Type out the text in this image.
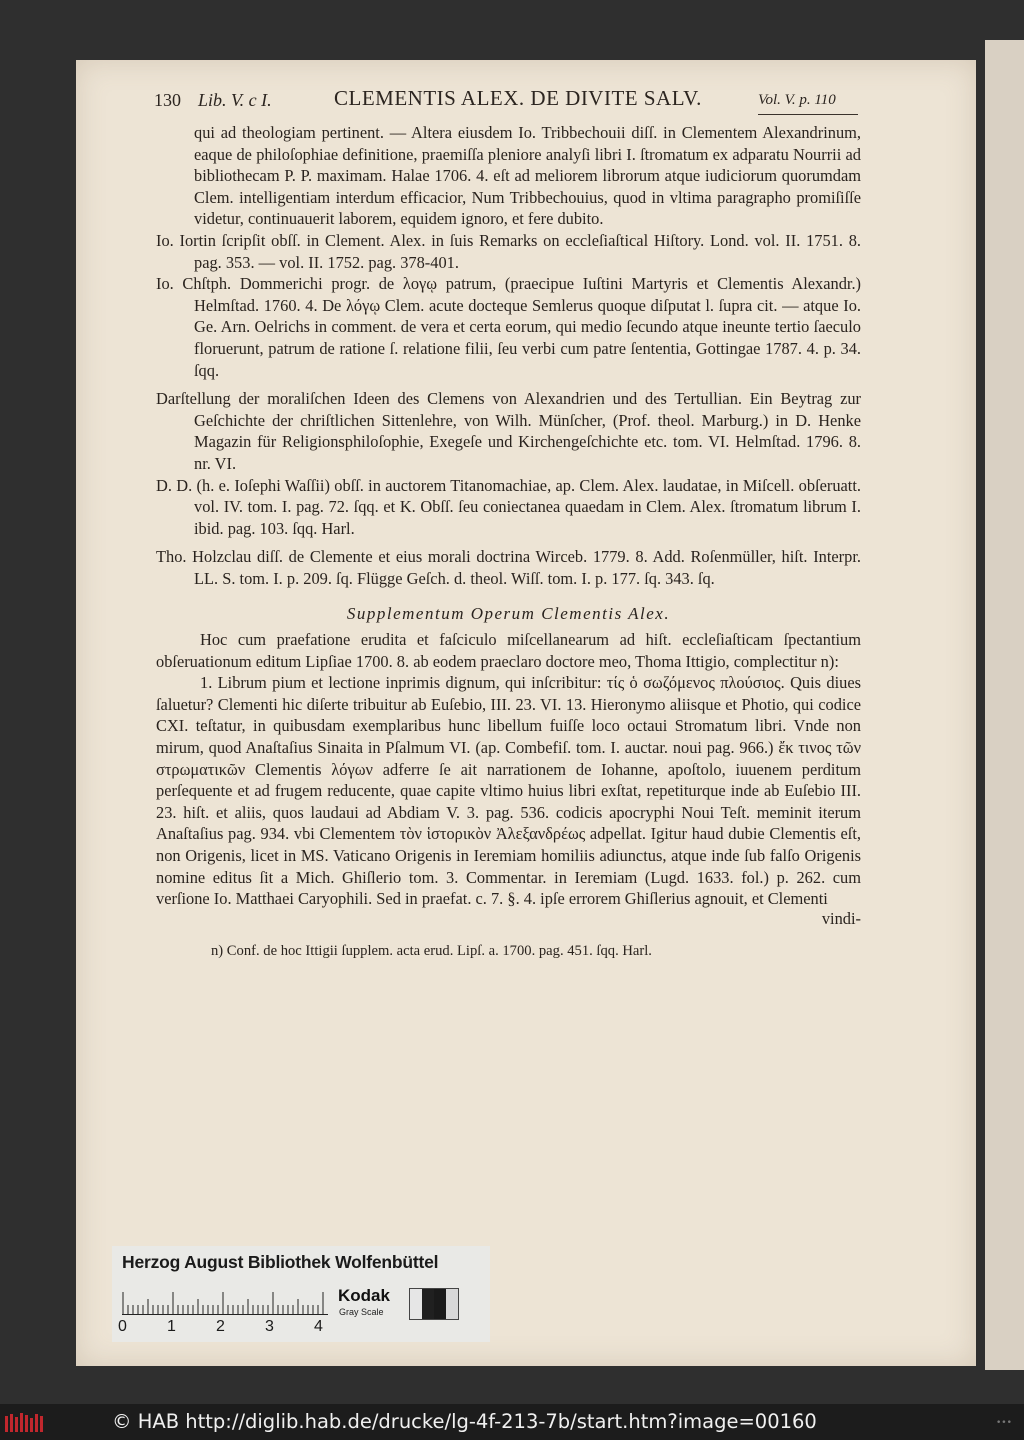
130 Lib. V. c I.	CLEMENTIS ALEX. DE DIVITE SALV.	Vol. V. p. 110

qui ad theologiam pertinent. — Altera eiusdem Io. Tribbechouii diſſ. in Clementem Alexandrinum, eaque de philoſophiae definitione, praemiſſa pleniore analyſi libri I. ſtromatum ex adparatu Nourrii ad bibliothecam P. P. maximam. Halae 1706. 4. eſt ad meliorem librorum atque iudiciorum quorumdam Clem. intelligentiam interdum efficacior, Num Tribbechouius, quod in vltima paragrapho promiſiſſe videtur, continuauerit laborem, equidem ignoro, et fere dubito.

Io. Iortin ſcripſit obſſ. in Clement. Alex. in ſuis Remarks on eccleſiaſtical Hiſtory. Lond. vol. II. 1751. 8. pag. 353. — vol. II. 1752. pag. 378-401.

Io. Chſtph. Dommerichi progr. de λογῳ patrum, (praecipue Iuſtini Martyris et Clementis Alexandr.) Helmſtad. 1760. 4. De λόγῳ Clem. acute docteque Semlerus quoque diſputat l. ſupra cit. — atque Io. Ge. Arn. Oelrichs in comment. de vera et certa eorum, qui medio ſecundo atque ineunte tertio ſaeculo floruerunt, patrum de ratione ſ. relatione filii, ſeu verbi cum patre ſententia, Gottingae 1787. 4. p. 34. ſqq.

Darſtellung der moraliſchen Ideen des Clemens von Alexandrien und des Tertullian. Ein Beytrag zur Geſchichte der chriſtlichen Sittenlehre, von Wilh. Münſcher, (Prof. theol. Marburg.) in D. Henke Magazin für Religionsphiloſophie, Exegeſe und Kirchengeſchichte etc. tom. VI. Helmſtad. 1796. 8. nr. VI.

D. D. (h. e. Ioſephi Waſſii) obſſ. in auctorem Titanomachiae, ap. Clem. Alex. laudatae, in Miſcell. obſeruatt. vol. IV. tom. I. pag. 72. ſqq. et K. Obſſ. ſeu coniectanea quaedam in Clem. Alex. ſtromatum librum I. ibid. pag. 103. ſqq. Harl.

Tho. Holzclau diſſ. de Clemente et eius morali doctrina Wirceb. 1779. 8. Add. Roſenmüller, hiſt. Interpr. LL. S. tom. I. p. 209. ſq. Flügge Geſch. d. theol. Wiſſ. tom. I. p. 177. ſq. 343. ſq.

Supplementum Operum Clementis Alex.

Hoc cum praefatione erudita et faſciculo miſcellanearum ad hiſt. eccleſiaſticam ſpectantium obſeruationum editum Lipſiae 1700. 8. ab eodem praeclaro doctore meo, Thoma Ittigio, complectitur n):

1. Librum pium et lectione inprimis dignum, qui inſcribitur: τίς ὁ σωζόμενος πλούσιος. Quis diues ſaluetur? Clementi hic diſerte tribuitur ab Euſebio, III. 23. VI. 13. Hieronymo aliisque et Photio, qui codice CXI. teſtatur, in quibusdam exemplaribus hunc libellum fuiſſe loco octaui Stromatum libri. Vnde non mirum, quod Anaſtaſius Sinaita in Pſalmum VI. (ap. Combefiſ. tom. I. auctar. noui pag. 966.) ἔκ τινος τῶν στρωματικῶν Clementis λόγων adferre ſe ait narrationem de Iohanne, apoſtolo, iuuenem perditum perſequente et ad frugem reducente, quae capite vltimo huius libri exſtat, repetiturque inde ab Euſebio III. 23. hiſt. et aliis, quos laudaui ad Abdiam V. 3. pag. 536. codicis apocryphi Noui Teſt. meminit iterum Anaſtaſius pag. 934. vbi Clementem τὸν ἱστορικὸν Ἀλεξανδρέως adpellat. Igitur haud dubie Clementis eſt, non Origenis, licet in MS. Vaticano Origenis in Ieremiam homiliis adiunctus, atque inde ſub falſo Origenis nomine editus ſit a Mich. Ghiſlerio tom. 3. Commentar. in Ieremiam (Lugd. 1633. fol.) p. 262. cum verſione Io. Matthaei Caryophili. Sed in praefat. c. 7. §. 4. ipſe errorem Ghiſlerius agnouit, et Clementi

vindi-

n) Conf. de hoc Ittigii ſupplem. acta erud. Lipſ. a. 1700. pag. 451. ſqq. Harl.

Herzog August Bibliothek Wolfenbüttel
0	1	2	3	4
Kodak
Gray Scale
© HAB http://diglib.hab.de/drucke/lg-4f-213-7b/start.htm?image=00160	•••
